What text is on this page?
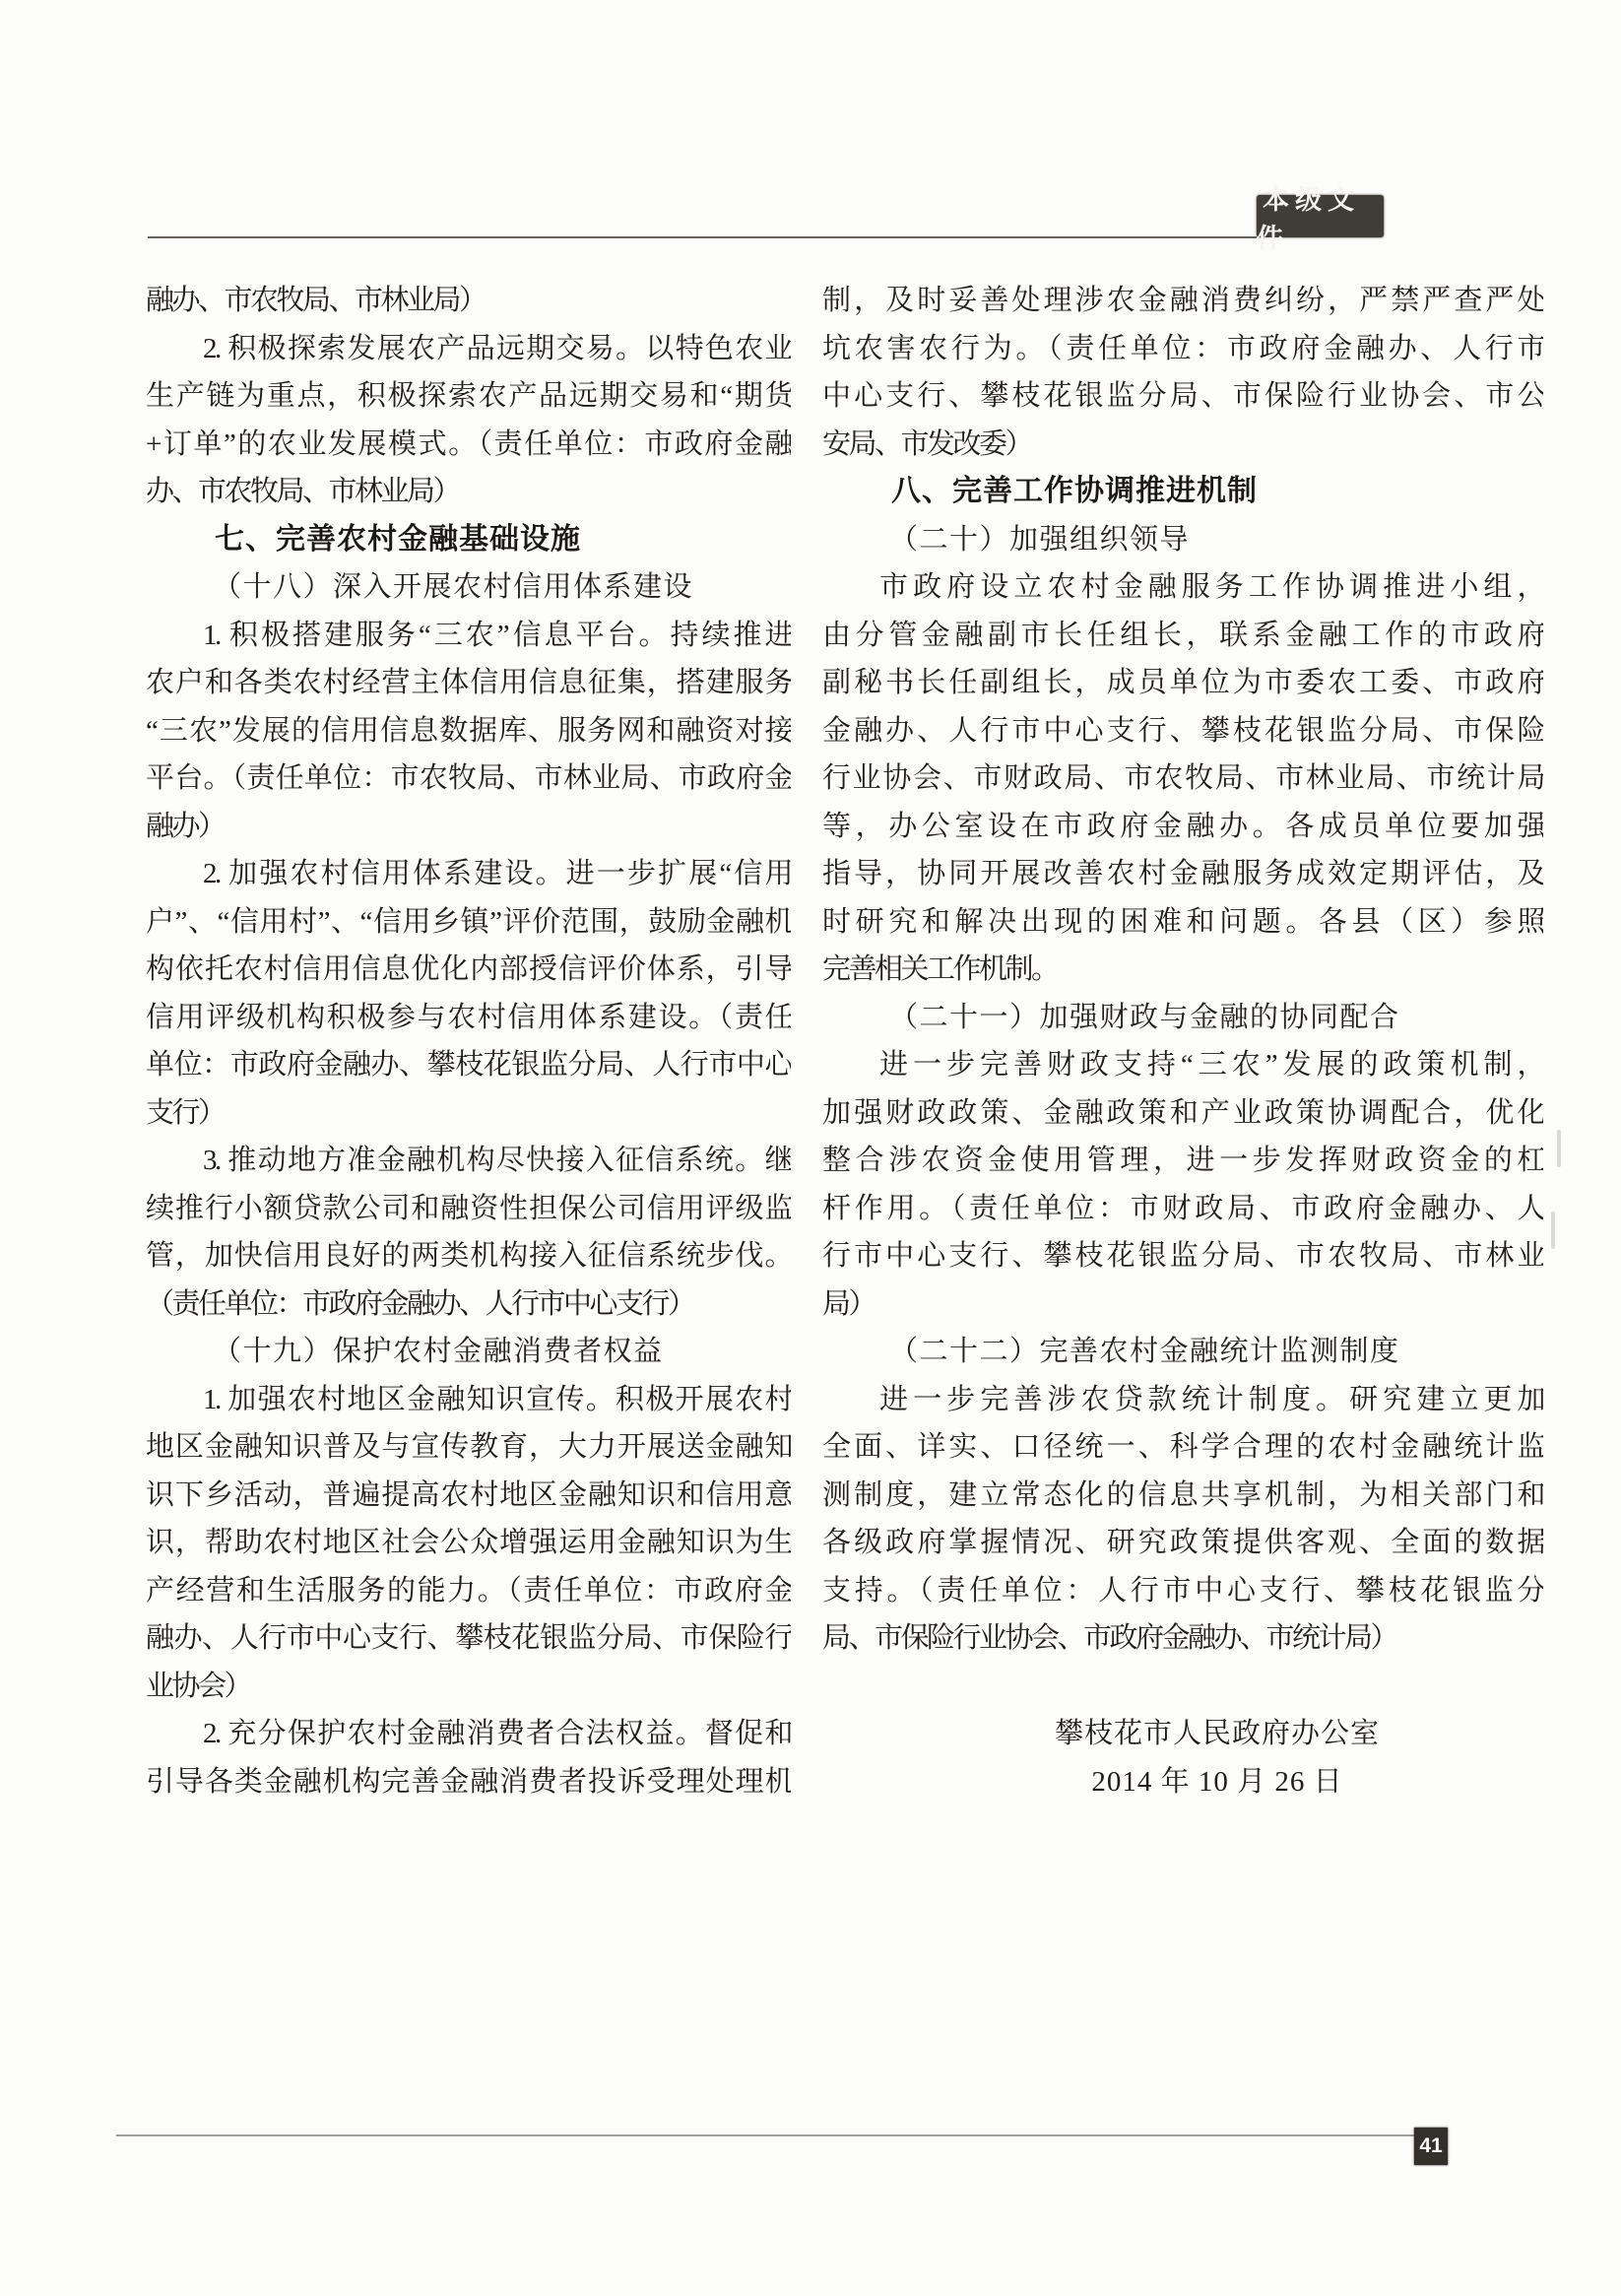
本级文件
融办、市农牧局、市林业局）
2. 积极探索发展农产品远期交易。以特色农业
生产链为重点，积极探索农产品远期交易和“期货
+订单”的农业发展模式。（责任单位：市政府金融
办、市农牧局、市林业局）
七、完善农村金融基础设施
（十八）深入开展农村信用体系建设
1. 积极搭建服务“三农”信息平台。持续推进
农户和各类农村经营主体信用信息征集，搭建服务
“三农”发展的信用信息数据库、服务网和融资对接
平台。（责任单位：市农牧局、市林业局、市政府金
融办）
2. 加强农村信用体系建设。进一步扩展“信用
户”、“信用村”、“信用乡镇”评价范围，鼓励金融机
构依托农村信用信息优化内部授信评价体系，引导
信用评级机构积极参与农村信用体系建设。（责任
单位：市政府金融办、攀枝花银监分局、人行市中心
支行）
3. 推动地方准金融机构尽快接入征信系统。继
续推行小额贷款公司和融资性担保公司信用评级监
管，加快信用良好的两类机构接入征信系统步伐。
（责任单位：市政府金融办、人行市中心支行）
（十九）保护农村金融消费者权益
1. 加强农村地区金融知识宣传。积极开展农村
地区金融知识普及与宣传教育，大力开展送金融知
识下乡活动，普遍提高农村地区金融知识和信用意
识，帮助农村地区社会公众增强运用金融知识为生
产经营和生活服务的能力。（责任单位：市政府金
融办、人行市中心支行、攀枝花银监分局、市保险行
业协会）
2. 充分保护农村金融消费者合法权益。督促和
引导各类金融机构完善金融消费者投诉受理处理机
制，及时妥善处理涉农金融消费纠纷，严禁严查严处
坑农害农行为。（责任单位：市政府金融办、人行市
中心支行、攀枝花银监分局、市保险行业协会、市公
安局、市发改委）
八、完善工作协调推进机制
（二十）加强组织领导
市政府设立农村金融服务工作协调推进小组，
由分管金融副市长任组长，联系金融工作的市政府
副秘书长任副组长，成员单位为市委农工委、市政府
金融办、人行市中心支行、攀枝花银监分局、市保险
行业协会、市财政局、市农牧局、市林业局、市统计局
等，办公室设在市政府金融办。各成员单位要加强
指导，协同开展改善农村金融服务成效定期评估，及
时研究和解决出现的困难和问题。各县（区）参照
完善相关工作机制。
（二十一）加强财政与金融的协同配合
进一步完善财政支持“三农”发展的政策机制，
加强财政政策、金融政策和产业政策协调配合，优化
整合涉农资金使用管理，进一步发挥财政资金的杠
杆作用。（责任单位：市财政局、市政府金融办、人
行市中心支行、攀枝花银监分局、市农牧局、市林业
局）
（二十二）完善农村金融统计监测制度
进一步完善涉农贷款统计制度。研究建立更加
全面、详实、口径统一、科学合理的农村金融统计监
测制度，建立常态化的信息共享机制，为相关部门和
各级政府掌握情况、研究政策提供客观、全面的数据
支持。（责任单位：人行市中心支行、攀枝花银监分
局、市保险行业协会、市政府金融办、市统计局）
攀枝花市人民政府办公室
2014 年 10 月 26 日
41
